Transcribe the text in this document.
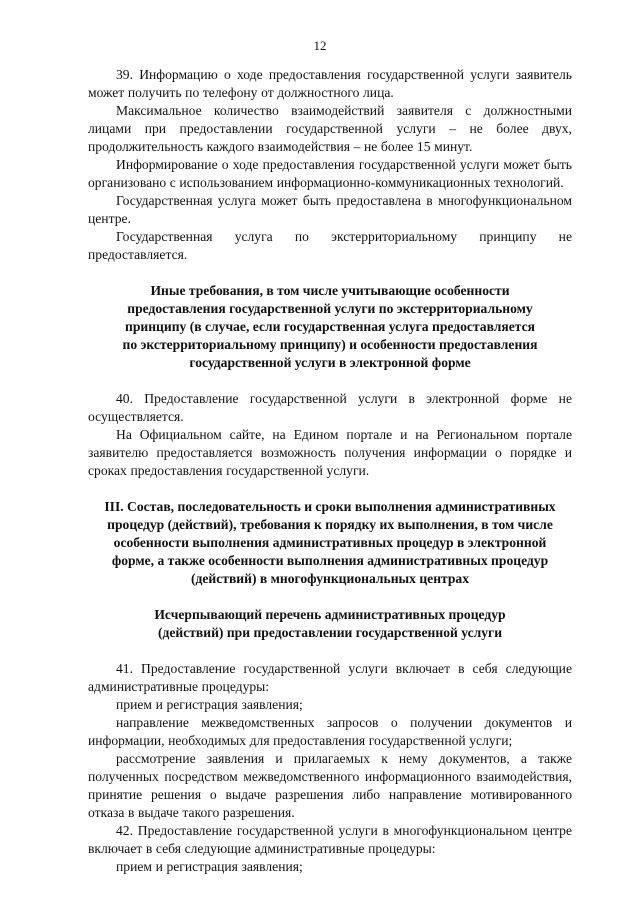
12

39. Информацию о ходе предоставления государственной услуги заявитель может получить по телефону от должностного лица.

Максимальное количество взаимодействий заявителя с должностными лицами при предоставлении государственной услуги – не более двух, продолжительность каждого взаимодействия – не более 15 минут.

Информирование о ходе предоставления государственной услуги может быть организовано с использованием информационно-коммуникационных технологий.

Государственная услуга может быть предоставлена в многофункциональном центре.

Государственная услуга по экстерриториальному принципу не предоставляется.

Иные требования, в том числе учитывающие особенности
предоставления государственной услуги по экстерриториальному
принципу (в случае, если государственная услуга предоставляется
по экстерриториальному принципу) и особенности предоставления
государственной услуги в электронной форме

40. Предоставление государственной услуги в электронной форме не осуществляется.

На Официальном сайте, на Едином портале и на Региональном портале заявителю предоставляется возможность получения информации о порядке и сроках предоставления государственной услуги.

III. Состав, последовательность и сроки выполнения административных
процедур (действий), требования к порядку их выполнения, в том числе
особенности выполнения административных процедур в электронной
форме, а также особенности выполнения административных процедур
(действий) в многофункциональных центрах
Исчерпывающий перечень административных процедур
(действий) при предоставлении государственной услуги

41. Предоставление государственной услуги включает в себя следующие административные процедуры:

прием и регистрация заявления;

направление межведомственных запросов о получении документов и информации, необходимых для предоставления государственной услуги;

рассмотрение заявления и прилагаемых к нему документов, а также полученных посредством межведомственного информационного взаимодействия, принятие решения о выдаче разрешения либо направление мотивированного отказа в выдаче такого разрешения.

42. Предоставление государственной услуги в многофункциональном центре включает в себя следующие административные процедуры:

прием и регистрация заявления;
